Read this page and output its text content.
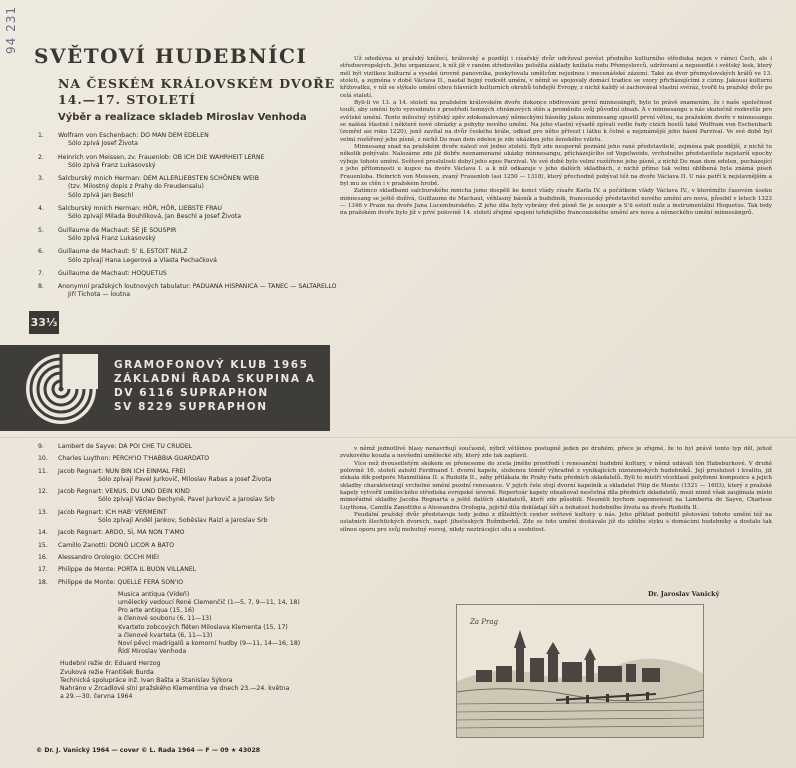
94 231
SVĚTOVÍ HUDEBNÍCI
NA ČESKÉM KRÁLOVSKÉM DVOŘE
14.—17. STOLETÍ
Výběr a realizace skladeb Miroslav Venhoda
1.	Wolfram von Eschenbach: DO MAN DEM EDELEN
Sólo zpívá Josef Života
2.	Heinrich von Meissen, zv. Frauenlob: OB ICH DIE WAHRHEIT LERNE
Sólo zpívá Franz Lukasovský
3.	Salcburský mnich Herman: DEM ALLERLIEBSTEN SCHÖNEN WEIB
(tzv. Milostný dopis z Prahy do Freudensalu)
Sólo zpívá Jan Beschl
4.	Salcburský mnich Herman: HÖR, HÖR, LIEBSTE FRAU
Sólo zpívají Milada Bouhlíková, Jan Beschl a Josef Života
5.	Guillaume de Machaut: SE JE SOUSPIR
Sólo zpívá Franz Lukasovský
6.	Guillaume de Machaut: S' IL ESTOIT NULZ
Sólo zpívají Hana Legerová a Vlasta Pechačková
7.	Guillaume de Machaut: HOQUETUS
8.	Anonymní pražských loutnových tabulatur: PADUANA HISPANICA — TANEC — SALTARELLO
Jiří Tichota — loutna
33⅓
GRAMOFONOVÝ KLUB 1965
ZÁKLADNÍ ŘADA SKUPINA A
DV 6116 SUPRAPHON
SV 8229 SUPRAPHON
9.	Lambert de Sayve: DA POI CHE TU CRUDEL
10.	Charles Luython: PERCH'IO T'HABBIA GUARDATO
11.	Jacob Regnart: NUN BIN ICH EINMAL FREI
Sólo zpívají Pavel Jurkovič, Miloslav Rabas a Josef Života
12.	Jacob Regnart: VENUS, DU UND DEIN KIND
Sólo zpívají Václav Bechyně, Pavel Jurkovič a Jaroslav Srb
13.	Jacob Regnart: ICH HAB' VERMEINT
Sólo zpívají Anděl Jankov, Soběslav Raizl a Jaroslav Srb
14.	Jacob Regnart: ARDO, SÌ, MA NON T'AMO
15.	Camillo Zanotti: DONÒ LICOR A BATO
16.	Alessandro Orologio: OCCHI MIEI
17.	Philippe de Monte: PORTA IL BUON VILLANEL
18.	Philippe de Monte: QUELLE FERA SON'IO
Musica antiqua (Vídeň)
umělecký vedoucí René Clemenčič (1—5, 7, 9—11, 14, 18)
Pro arte antiqua (15, 16)
a členové souboru (6, 11—13)
Kvarteto zobcových fléten Miloslava Klementa (15, 17)
a členové kvarteta (6, 11—13)
Noví pěvci madrigalů a komorní hudby (9—11, 14—16, 18)
Řídí Miroslav Venhoda
Hudební režie dr. Eduard Herzog
Zvuková režie František Burda
Technická spolupráce inž. Ivan Bašta a Stanislav Sýkora
Nahráno v Zrcadlové síni pražského Klementina ve dnech 23.—24. května
a 29.—30. června 1964

Už odedávna si pražský knížecí, královský a později i císařský dvůr udržoval pověst předního kulturního střediska nejen v rámci Čech, ale i středoevropských. Jeho organizace, k níž již v raném středověku položila základy knížata rodu Přemyslovců, udržovaní a neposedlé i světský lesk, který měl být vizitkou kulturní a vysoké úrovně panovníka, poskytovala umělcům nejednou i mecenášské zázemí. Také za dvor přemyslovských králů ve 13. století, a zejména v době Václava II., nastal hojný rozkvět umění, v němž se spojovaly domácí tradice se vzory přicházejícími z ciziny. Jakousi kulturní křižovatku, v níž se stýkalo umění obou hlavních kulturních okruhů tehdejší Evropy, z nichž každý si zachovával vlastní svéráz, tvořil tu pražský dvůr po celá staletí.

Byli-li ve 13. a 14. století na pražském královském dvoře dokonce obdivováni první minnesängři, bylo to právě znamením, že i naše společnost touží, aby umění bylo vyzvednuto z prostředí temných chrámových stěn a proměnilo svůj původní obsah. A v minnesangu u nás skutečně rozkvetlo pro světské umění. Tento milostný rytířský zpěv zdokonalovaný německými básníky jakou minnesang opustil první větou, na pražském dvoře v minnesangu se nalézá šťastně i některé nové obrázky a pohyby nového umění. Na jeho vlastní výsadě zpívali vedle řady cizích hostů také Wolfram von Eschenbach (zemřel asi roku 1220), jenž zavítal na dvůr českého krále, odkud pro něho přivezl i látku k čelné a nejznámější jeho básni Parzival. Ve své době byl velmi rozšířený jeho písně, z nichž Do man dem edelen je zde ukázkou jeho ženského vzletu.

Minnesang snad na pražském dvoře nalezl své jedno století. Byli zde nesporně poznáni jeho rané představitelé, zejména pak pozdější, z nichž tu několik pobývalo. Nalezáme zde již dobře neznamenané ukázky minnesangu, přicházejícího od Vogelweide, vrcholného představitele nejstarší epochy výboje tohoto umění. Světové proslulosti dobyl jeho epos Parzival. Ve své době bylo velmi rozšířeno jeho písně, z nichž Do man dem edelen, pocházející z jeho přítomnosti u kupce na dvoře Václava I. a k níž odkazuje v jeho dalších skladbách, z nichž přímo tak velmi oblíbená byla známá píseň Frauenloba. Heinrich von Meissen, zvaný Frauenlob (asi 1250 — 1318), který přechodně pobýval též na dvoře Václava II. U nás patří k nejslavnějším a byl mu ze ctěn i v pražském hrobě.

Zatímco skladbami salcburského mnicha jsme dospěli ke konci vlády císaře Karla IV. a počátkem vlády Václava IV., v kterémžto časovém úseku minnesang se ještě dožívá, Guillaume de Machaut, věhlasný básník a hudebník, francouzský představitel nového umění ars nova, působil v letech 1323 — 1346 v Praze na dvoře Jana Lucemburského. Z jeho díla byly vybrány dvě písně Se je souspir a S'il estoit nulz a instrumentální Hoquetus. Tak tedy na pražském dvoře bylo již v prvé polovině 14. století zřejmé spojení tehdejšího francouzského umění ars nova a německého umění minnesängrů.

v němž jednotlivé hlasy nenavrhují současně, nýbrž většinou postupně jeden po druhém, přece je zřejmé, že to byl právě tento typ děl, jehož zvukového kouzla a nevšední umělecké síly, který zde tak zaplavil.

Více než dvousetletým skokem se přeneseme do zcela jiného prostředí i renesanční hudební kultury, v němž udávali tón Habsburkové. V druhé polovině 16. století založil Ferdinand I. dvorní kapelu, složenou téměř výhradně z vynikajících nizozemských hudebníků. Její proslulost i kvalitu, již získala dík podpoře Maxmiliána II. a Rudolfa II., záhy přilákala do Prahy řadu předních skladatelů. Byli to mistři vícehlasé polyfonní kompozice a jejich skladby charakterizují vrcholné umění pozdní renesance. V jejich čele stojí dvorní kapelník a skladatel Filip de Monte (1521 — 1603), který z pražské kapely vytvořil uměleckého střediska evropské úrovně. Repertoár kapely obsahoval nesčetná díla předních skladatelů, mezi nimiž však zaujímala místo mimořádné skladby Jacoba Regnarta a ještě dalších skladatelů, kteří zde působili. Nesměli bychom zapomenout na Lamberta de Sayve, Charlese Luythona, Camilla Zanottiho a Alessandra Orologia, jejichž díla dokládají šíři a bohatost hudebního života na dvoře Rudolfa II.

Feudální pražský dvůr představuje tedy jedno z důležitých center světové kultury u nás. Jeho příklad podnítil pěstování tohoto umění též na ostatních šlechtických dvorech, např. jihočeských Rožmberků. Zde se toto umění dostávalo již do užšího styku s domácími hudebníky a dostalo tak silnou oporu pro svůj mohutný rozvoj, nikdy neztrácející sílu a osobitost.

Dr. Jaroslav Vanický
Za Prag
© Dr. J. Vanický 1964 — cover © L. Rada 1964 — F — 09 ★ 43028
